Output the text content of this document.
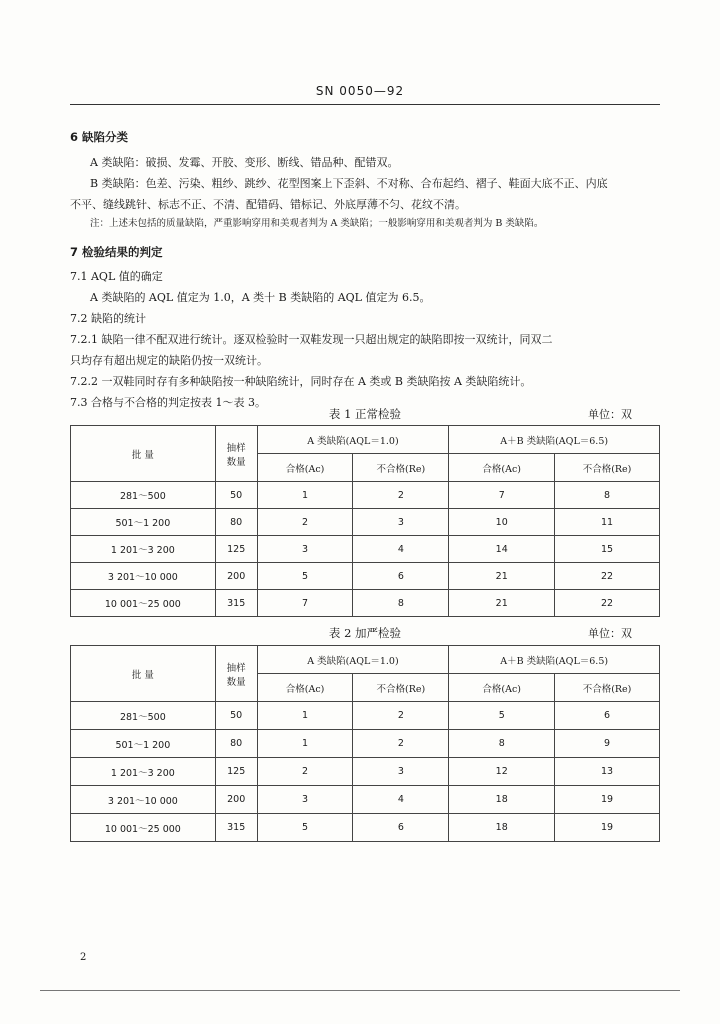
SN 0050—92
6 缺陷分类
A 类缺陷：破损、发霉、开胶、变形、断线、错品种、配错双。
B 类缺陷：色差、污染、粗纱、跳纱、花型图案上下歪斜、不对称、合布起绉、褶子、鞋面大底不正、内底
不平、缝线跳针、标志不正、不清、配错码、错标记、外底厚薄不匀、花纹不清。
注：上述未包括的质量缺陷，严重影响穿用和美观者判为 A 类缺陷；一般影响穿用和美观者判为 B 类缺陷。
7 检验结果的判定
7.1 AQL 值的确定
A 类缺陷的 AQL 值定为 1.0，A 类十 B 类缺陷的 AQL 值定为 6.5。
7.2 缺陷的统计
7.2.1 缺陷一律不配双进行统计。逐双检验时一双鞋发现一只超出规定的缺陷即按一双统计，同双二
只均存有超出规定的缺陷仍按一双统计。
7.2.2 一双鞋同时存有多种缺陷按一种缺陷统计，同时存在 A 类或 B 类缺陷按 A 类缺陷统计。
7.3 合格与不合格的判定按表 1～表 3。
表 1 正常检验	单位：双
批 量	抽样
数量	A 类缺陷(AQL＝1.0)		A＋B 类缺陷(AQL＝6.5)	
		合格(Ac)	不合格(Re)	合格(Ac)	不合格(Re)
281～500	50	1	2	7	8
501～1 200	80	2	3	10	11
1 201～3 200	125	3	4	14	15
3 201～10 000	200	5	6	21	22
10 001～25 000	315	7	8	21	22
表 2 加严检验	单位：双
批 量	抽样
数量	A 类缺陷(AQL＝1.0)		A＋B 类缺陷(AQL＝6.5)	
		合格(Ac)	不合格(Re)	合格(Ac)	不合格(Re)
281～500	50	1	2	5	6
501～1 200	80	1	2	8	9
1 201～3 200	125	2	3	12	13
3 201～10 000	200	3	4	18	19
10 001～25 000	315	5	6	18	19
2
